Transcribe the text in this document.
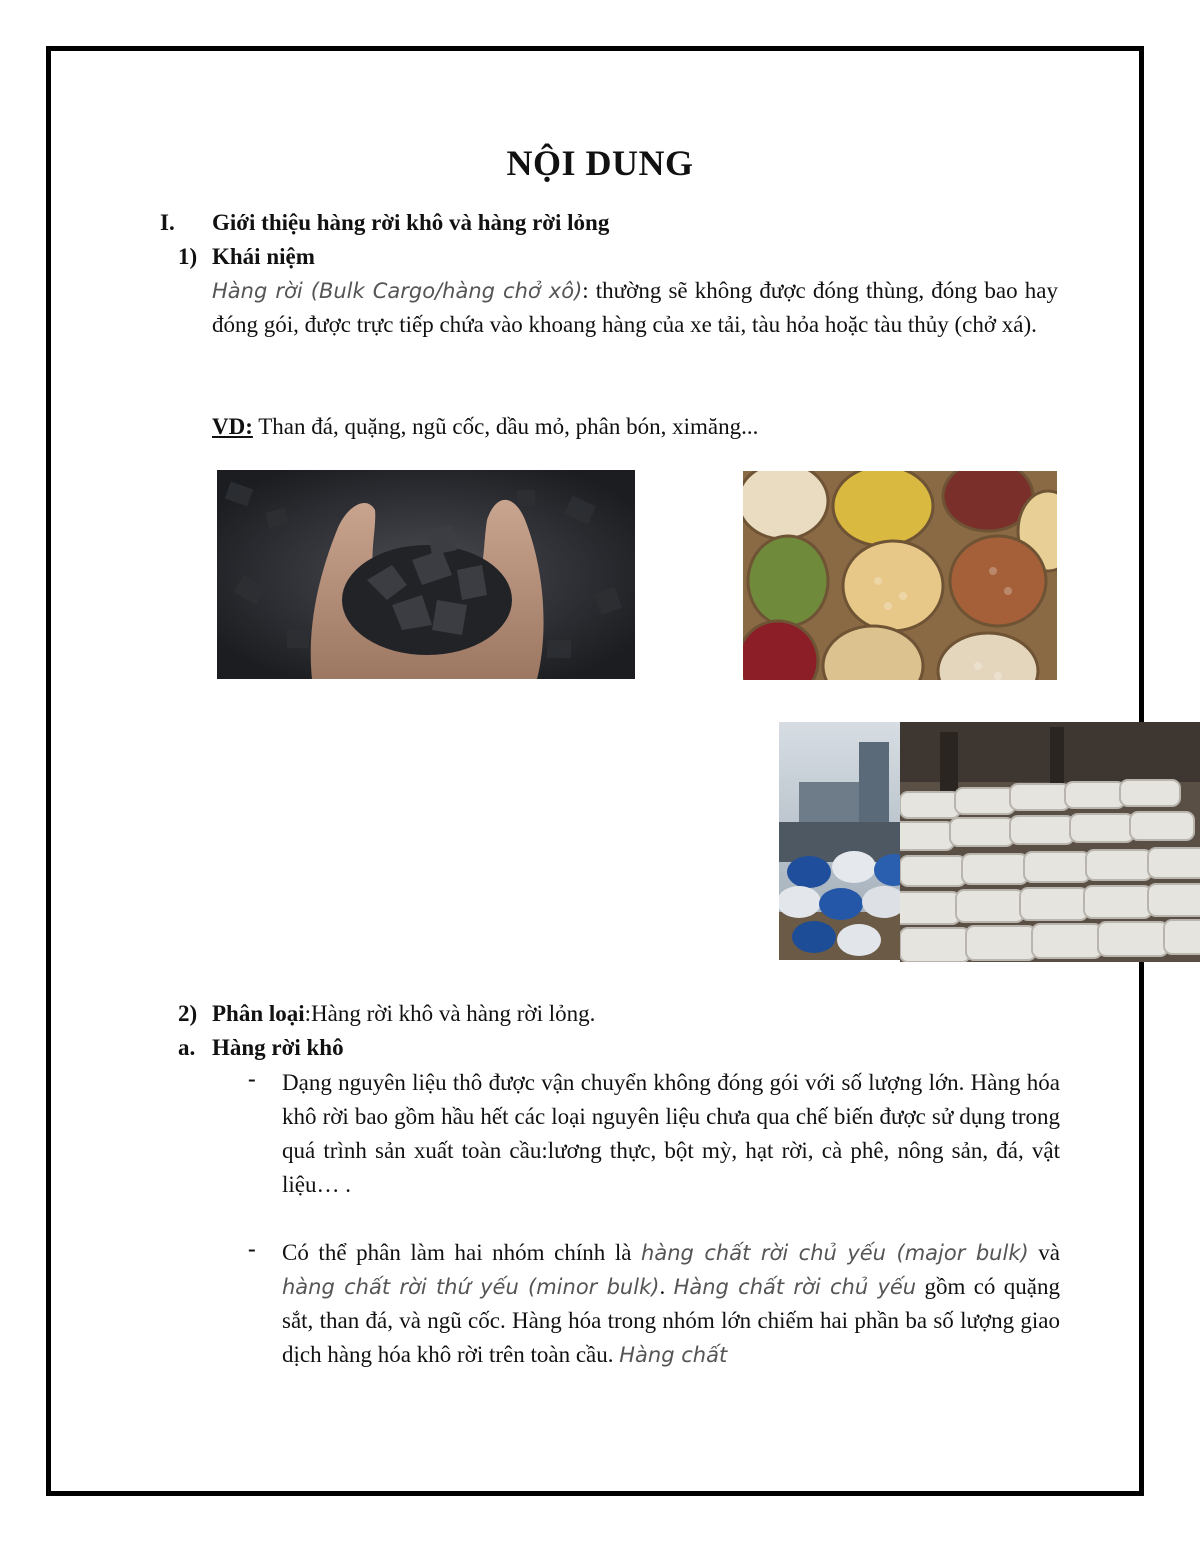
NỘI DUNG
I. Giới thiệu hàng rời khô và hàng rời lỏng
1) Khái niệm
Hàng rời (Bulk Cargo/hàng chở xô): thường sẽ không được đóng thùng, đóng bao hay đóng gói, được trực tiếp chứa vào khoang hàng của xe tải, tàu hỏa hoặc tàu thủy (chở xá).
VD: Than đá, quặng, ngũ cốc, dầu mỏ, phân bón, ximăng...
2) Phân loại:Hàng rời khô và hàng rời lỏng.
a. Hàng rời khô
- Dạng nguyên liệu thô được vận chuyển không đóng gói với số lượng lớn. Hàng hóa khô rời bao gồm hầu hết các loại nguyên liệu chưa qua chế biến được sử dụng trong quá trình sản xuất toàn cầu:lương thực, bột mỳ, hạt rời, cà phê, nông sản, đá, vật liệu… .
- Có thể phân làm hai nhóm chính là hàng chất rời chủ yếu (major bulk) và hàng chất rời thứ yếu (minor bulk). Hàng chất rời chủ yếu gồm có quặng sắt, than đá, và ngũ cốc. Hàng hóa trong nhóm lớn chiếm hai phần ba số lượng giao dịch hàng hóa khô rời trên toàn cầu. Hàng chất
